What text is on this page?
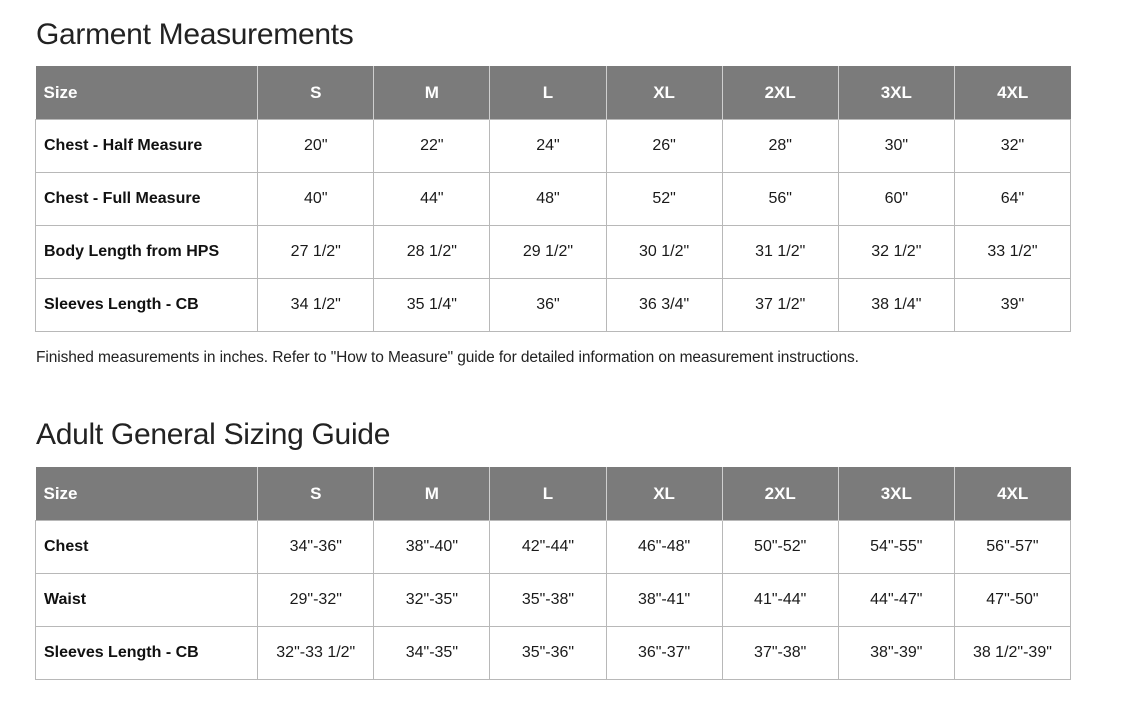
Garment Measurements
Size	S	M	L	XL	2XL	3XL	4XL
Chest - Half Measure	20"	22"	24"	26"	28"	30"	32"
Chest - Full Measure	40"	44"	48"	52"	56"	60"	64"
Body Length from HPS	27 1/2"	28 1/2"	29 1/2"	30 1/2"	31 1/2"	32 1/2"	33 1/2"
Sleeves Length - CB	34 1/2"	35 1/4"	36"	36 3/4"	37 1/2"	38 1/4"	39"

Finished measurements in inches. Refer to "How to Measure" guide for detailed information on measurement instructions.

Adult General Sizing Guide
Size	S	M	L	XL	2XL	3XL	4XL
Chest	34"-36"	38"-40"	42"-44"	46"-48"	50"-52"	54"-55"	56"-57"
Waist	29"-32"	32"-35"	35"-38"	38"-41"	41"-44"	44"-47"	47"-50"
Sleeves Length - CB	32"-33 1/2"	34"-35"	35"-36"	36"-37"	37"-38"	38"-39"	38 1/2"-39"
